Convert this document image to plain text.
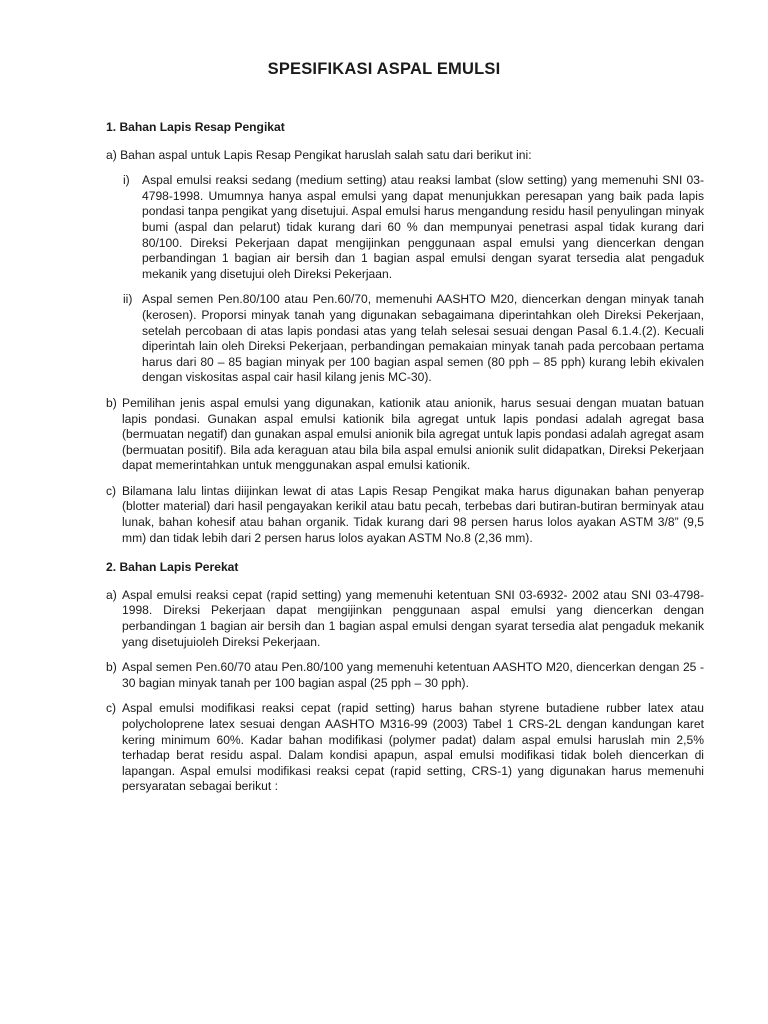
SPESIFIKASI ASPAL EMULSI
1. Bahan Lapis Resap Pengikat
a) Bahan aspal untuk Lapis Resap Pengikat haruslah salah satu dari berikut ini:
i)	Aspal emulsi reaksi sedang (medium setting) atau reaksi lambat (slow setting) yang memenuhi SNI 03-4798-1998. Umumnya hanya aspal emulsi yang dapat menunjukkan peresapan yang baik pada lapis pondasi tanpa pengikat yang disetujui. Aspal emulsi harus mengandung residu hasil penyulingan minyak bumi (aspal dan pelarut) tidak kurang dari 60 % dan mempunyai penetrasi aspal tidak kurang dari 80/100. Direksi Pekerjaan dapat mengijinkan penggunaan aspal emulsi yang diencerkan dengan perbandingan 1 bagian air bersih dan 1 bagian aspal emulsi dengan syarat tersedia alat pengaduk mekanik yang disetujui oleh Direksi Pekerjaan.
ii) Aspal semen Pen.80/100 atau Pen.60/70, memenuhi AASHTO M20, diencerkan dengan minyak tanah (kerosen). Proporsi minyak tanah yang digunakan sebagaimana diperintahkan oleh Direksi Pekerjaan, setelah percobaan di atas lapis pondasi atas yang telah selesai sesuai dengan Pasal 6.1.4.(2). Kecuali diperintah lain oleh Direksi Pekerjaan, perbandingan pemakaian minyak tanah pada percobaan pertama harus dari 80 – 85 bagian minyak per 100 bagian aspal semen (80 pph – 85 pph) kurang lebih ekivalen dengan viskositas aspal cair hasil kilang jenis MC-30).
b) Pemilihan jenis aspal emulsi yang digunakan, kationik atau anionik, harus sesuai dengan muatan batuan lapis pondasi. Gunakan aspal emulsi kationik bila agregat untuk lapis pondasi adalah agregat basa (bermuatan negatif) dan gunakan aspal emulsi anionik bila agregat untuk lapis pondasi adalah agregat asam (bermuatan positif). Bila ada keraguan atau bila bila aspal emulsi anionik sulit didapatkan, Direksi Pekerjaan dapat memerintahkan untuk menggunakan aspal emulsi kationik.
c) Bilamana lalu lintas diijinkan lewat di atas Lapis Resap Pengikat maka harus digunakan bahan penyerap (blotter material) dari hasil pengayakan kerikil atau batu pecah, terbebas dari butiran-butiran berminyak atau lunak, bahan kohesif atau bahan organik. Tidak kurang dari 98 persen harus lolos ayakan ASTM 3/8” (9,5 mm) dan tidak lebih dari 2 persen harus lolos ayakan ASTM No.8 (2,36 mm).
2. Bahan Lapis Perekat
a) Aspal emulsi reaksi cepat (rapid setting) yang memenuhi ketentuan SNI 03-6932- 2002 atau SNI 03-4798-1998. Direksi Pekerjaan dapat mengijinkan penggunaan aspal emulsi yang diencerkan dengan perbandingan 1 bagian air bersih dan 1 bagian aspal emulsi dengan syarat tersedia alat pengaduk mekanik yang disetujuioleh Direksi Pekerjaan.
b) Aspal semen Pen.60/70 atau Pen.80/100 yang memenuhi ketentuan AASHTO M20, diencerkan dengan 25 - 30 bagian minyak tanah per 100 bagian aspal (25 pph – 30 pph).
c) Aspal emulsi modifikasi reaksi cepat (rapid setting) harus bahan styrene butadiene rubber latex atau polycholoprene latex sesuai dengan AASHTO M316-99 (2003) Tabel 1 CRS-2L dengan kandungan karet kering minimum 60%. Kadar bahan modifikasi (polymer padat) dalam aspal emulsi haruslah min 2,5% terhadap berat residu aspal. Dalam kondisi apapun, aspal emulsi modifikasi tidak boleh diencerkan di lapangan. Aspal emulsi modifikasi reaksi cepat (rapid setting, CRS-1) yang digunakan harus memenuhi persyaratan sebagai berikut :
